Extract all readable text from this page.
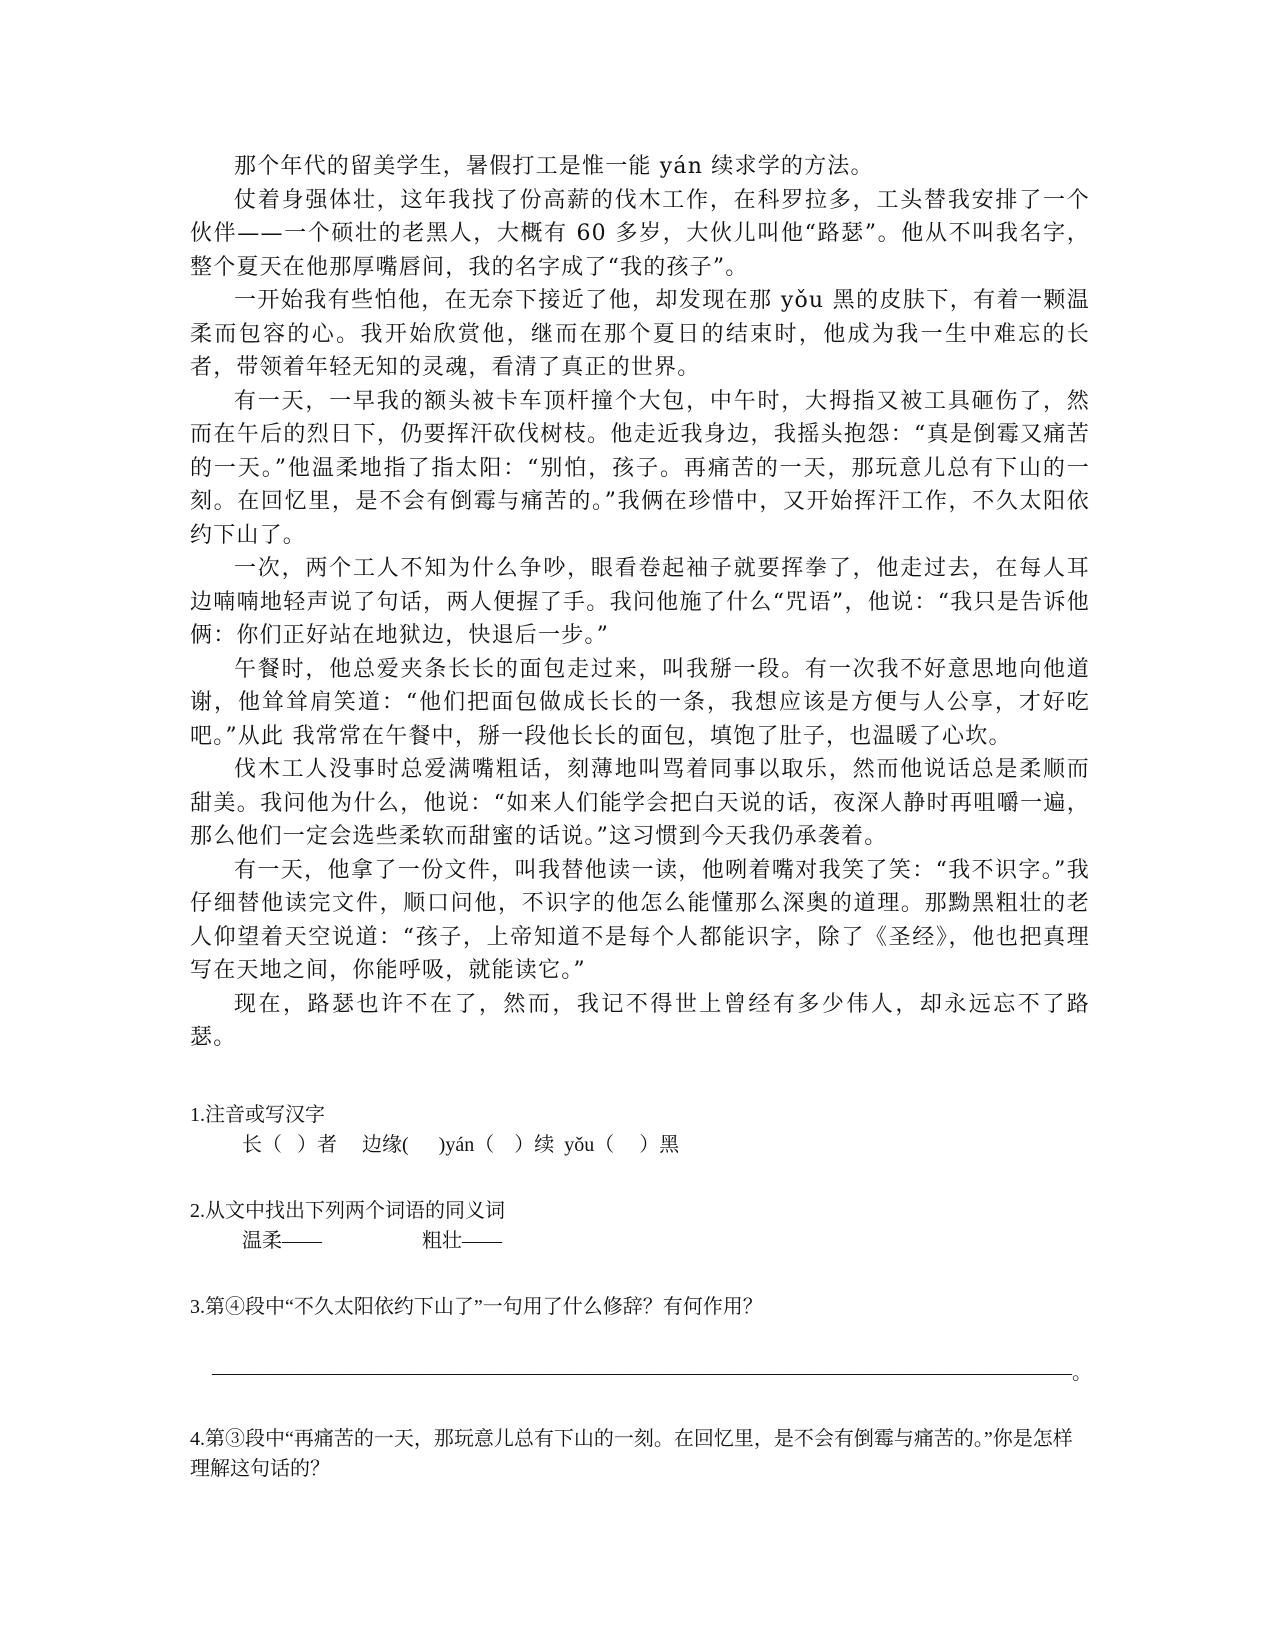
那个年代的留美学生，暑假打工是惟一能 yán 续求学的方法。

仗着身强体壮，这年我找了份高薪的伐木工作，在科罗拉多，工头替我安排了一个伙伴——一个硕壮的老黑人，大概有 60 多岁，大伙儿叫他“路瑟”。他从不叫我名字，整个夏天在他那厚嘴唇间，我的名字成了“我的孩子”。

一开始我有些怕他，在无奈下接近了他，却发现在那 yǒu 黑的皮肤下，有着一颗温柔而包容的心。我开始欣赏他，继而在那个夏日的结束时，他成为我一生中难忘的长者，带领着年轻无知的灵魂，看清了真正的世界。

有一天，一早我的额头被卡车顶杆撞个大包，中午时，大拇指又被工具砸伤了，然而在午后的烈日下，仍要挥汗砍伐树枝。他走近我身边，我摇头抱怨：“真是倒霉又痛苦的一天。”他温柔地指了指太阳：“别怕，孩子。再痛苦的一天，那玩意儿总有下山的一刻。在回忆里，是不会有倒霉与痛苦的。”我俩在珍惜中，又开始挥汗工作，不久太阳依约下山了。

一次，两个工人不知为什么争吵，眼看卷起袖子就要挥拳了，他走过去，在每人耳边喃喃地轻声说了句话，两人便握了手。我问他施了什么“咒语”，他说：“我只是告诉他俩：你们正好站在地狱边，快退后一步。”

午餐时，他总爱夹条长长的面包走过来，叫我掰一段。有一次我不好意思地向他道谢，他耸耸肩笑道：“他们把面包做成长长的一条，我想应该是方便与人公享，才好吃吧。”从此 我常常在午餐中，掰一段他长长的面包，填饱了肚子，也温暖了心坎。

伐木工人没事时总爱满嘴粗话，刻薄地叫骂着同事以取乐，然而他说话总是柔顺而甜美。我问他为什么，他说：“如来人们能学会把白天说的话，夜深人静时再咀嚼一遍，那么他们一定会选些柔软而甜蜜的话说。”这习惯到今天我仍承袭着。

有一天，他拿了一份文件，叫我替他读一读，他咧着嘴对我笑了笑：“我不识字。”我仔细替他读完文件，顺口问他，不识字的他怎么能懂那么深奥的道理。那黝黑粗壮的老人仰望着天空说道：“孩子，上帝知道不是每个人都能识字，除了《圣经》，他也把真理写在天地之间，你能呼吸，就能读它。”

现在，路瑟也许不在了，然而，我记不得世上曾经有多少伟人，却永远忘不了路瑟。

1.注音或写汉字

长（   ）者     边缘(      )yán（    ）续  yǒu（     ）黑

2.从文中找出下列两个词语的同义词

温柔——                    粗壮——

3.第④段中“不久太阳依约下山了”一句用了什么修辞？有何作用？

———————————————————————————————————————————。

4.第③段中“再痛苦的一天，那玩意儿总有下山的一刻。在回忆里，是不会有倒霉与痛苦的。”你是怎样理解这句话的？
